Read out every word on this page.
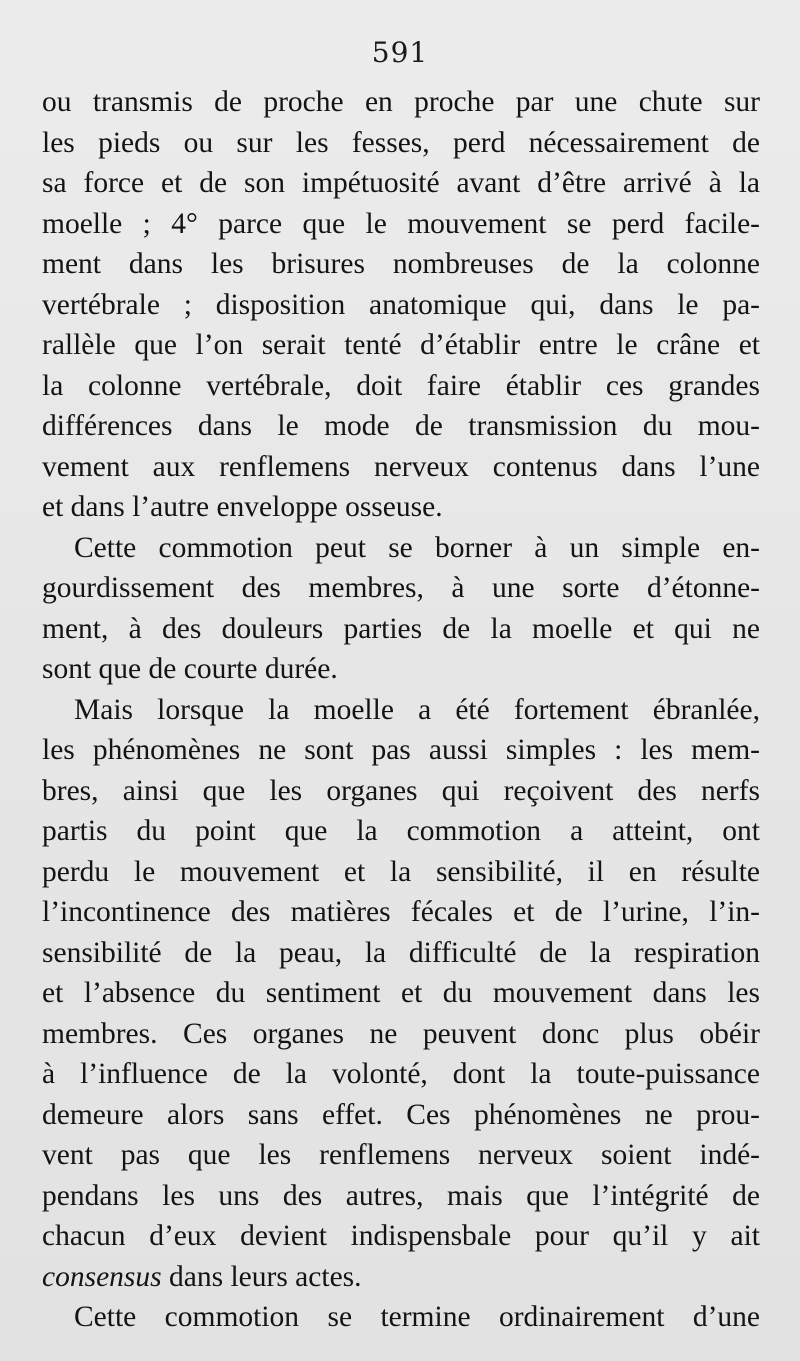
591
ou transmis de proche en proche par une chute sur
les pieds ou sur les fesses, perd nécessairement de
sa force et de son impétuosité avant d’être arrivé à la
moelle ; 4° parce que le mouvement se perd facile-
ment dans les brisures nombreuses de la colonne
vertébrale ; disposition anatomique qui, dans le pa-
rallèle que l’on serait tenté d’établir entre le crâne et
la colonne vertébrale, doit faire établir ces grandes
différences dans le mode de transmission du mou-
vement aux renflemens nerveux contenus dans l’une
et dans l’autre enveloppe osseuse.
Cette commotion peut se borner à un simple en-
gourdissement des membres, à une sorte d’étonne-
ment, à des douleurs parties de la moelle et qui ne
sont que de courte durée.
Mais lorsque la moelle a été fortement ébranlée,
les phénomènes ne sont pas aussi simples : les mem-
bres, ainsi que les organes qui reçoivent des nerfs
partis du point que la commotion a atteint, ont
perdu le mouvement et la sensibilité, il en résulte
l’incontinence des matières fécales et de l’urine, l’in-
sensibilité de la peau, la difficulté de la respiration
et l’absence du sentiment et du mouvement dans les
membres. Ces organes ne peuvent donc plus obéir
à l’influence de la volonté, dont la toute-puissance
demeure alors sans effet. Ces phénomènes ne prou-
vent pas que les renflemens nerveux soient indé-
pendans les uns des autres, mais que l’intégrité de
chacun d’eux devient indispensbale pour qu’il y ait
consensus dans leurs actes.
Cette commotion se termine ordinairement d’une
